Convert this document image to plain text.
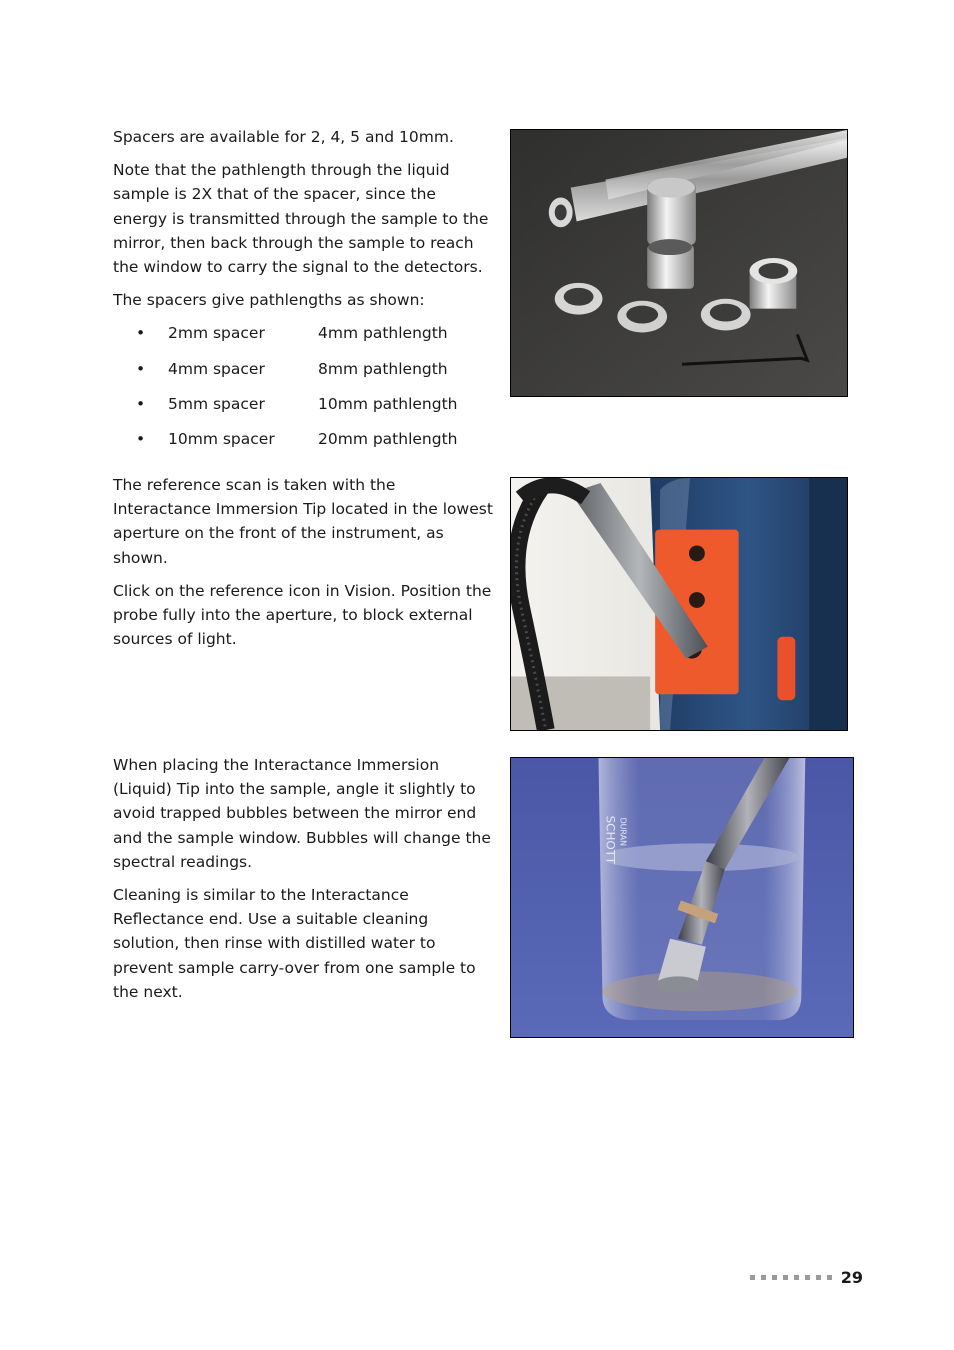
Spacers are available for 2, 4, 5 and 10mm.

Note that the pathlength through the liquid sample is 2X that of the spacer, since the energy is transmitted through the sample to the mirror, then back through the sample to reach the window to carry the signal to the detectors.

The spacers give pathlengths as shown:

• 2mm spacer	4mm pathlength
• 4mm spacer	8mm pathlength
• 5mm spacer	10mm pathlength
• 10mm spacer	20mm pathlength

The reference scan is taken with the Interactance Immersion Tip located in the lowest aperture on the front of the instrument, as shown.

Click on the reference icon in Vision. Position the probe fully into the aperture, to block external sources of light.

When placing the Interactance Immersion (Liquid) Tip into the sample, angle it slightly to avoid trapped bubbles between the mirror end and the sample window. Bubbles will change the spectral readings.

Cleaning is similar to the Interactance Reflectance end. Use a suitable cleaning solution, then rinse with distilled water to prevent sample carry-over from one sample to the next.

SCHOTT DURAN
29
